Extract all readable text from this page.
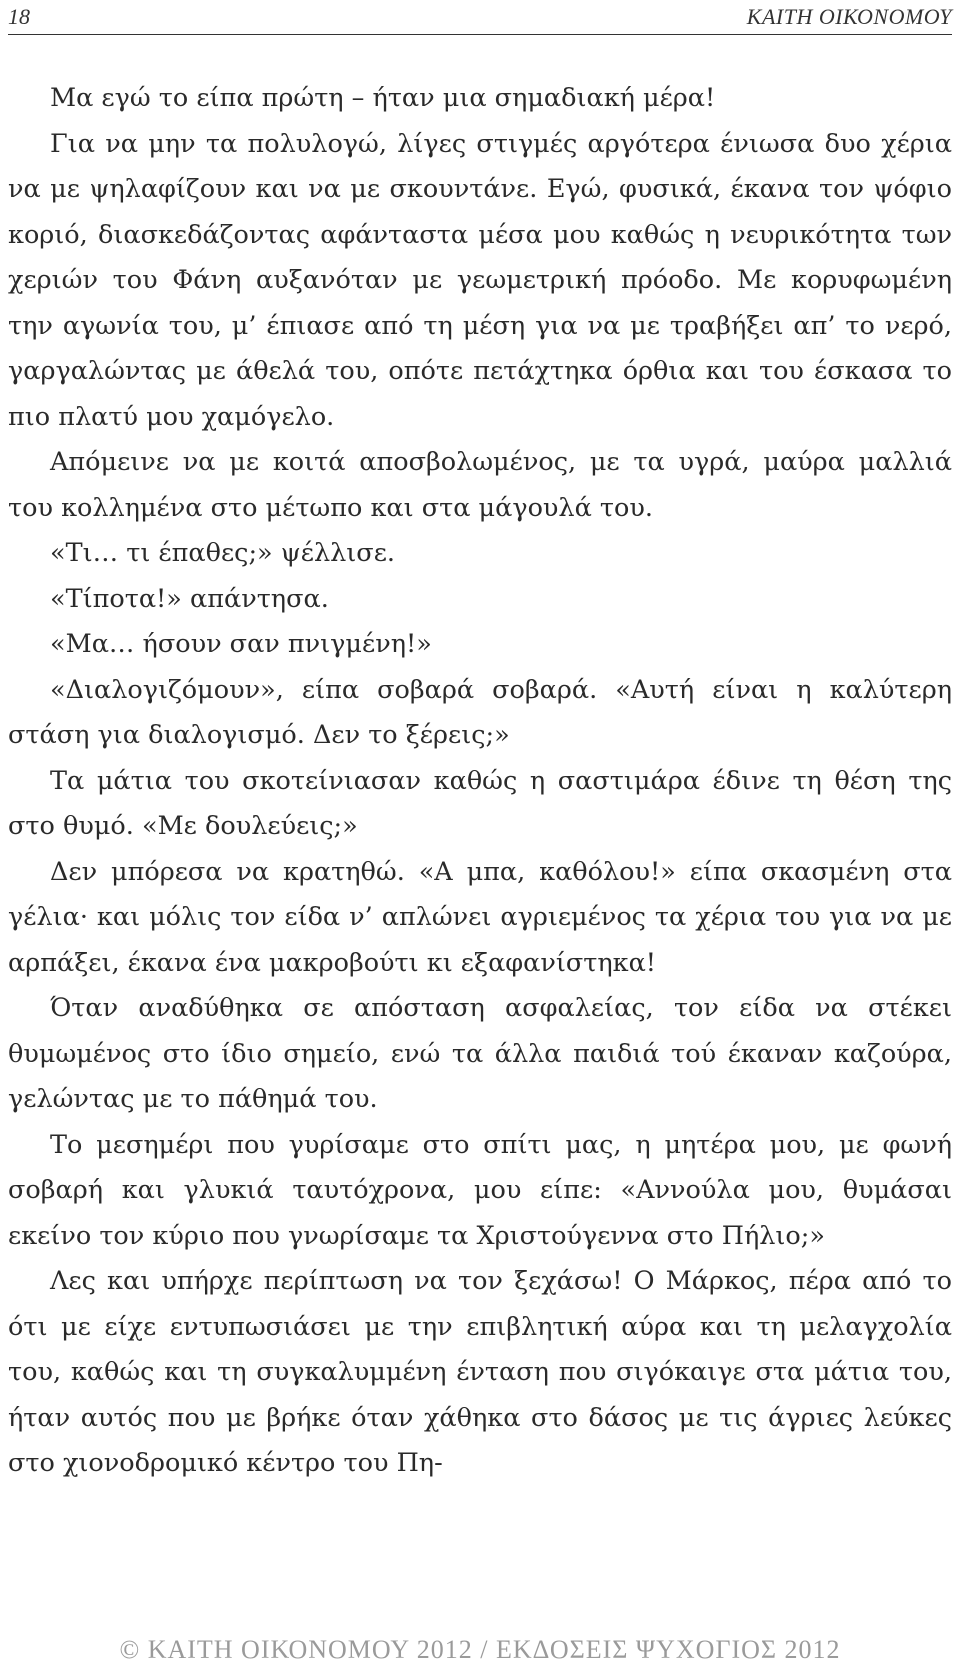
18	ΚΑΙΤΗ ΟΙΚΟΝΟΜΟΥ

Μα εγώ το είπα πρώτη – ήταν μια σημαδιακή μέρα!

Για να μην τα πολυλογώ, λίγες στιγμές αργότερα ένιωσα δυο χέρια να με ψηλαφίζουν και να με σκουντάνε. Εγώ, φυσικά, έκανα τον ψόφιο κοριό, διασκεδάζοντας αφάνταστα μέσα μου καθώς η νευρικότητα των χεριών του Φάνη αυξανόταν με γεωμετρική πρόοδο. Με κορυφωμένη την αγωνία του, μ’ έπιασε από τη μέση για να με τραβήξει απ’ το νερό, γαργαλώντας με άθελά του, οπότε πετάχτηκα όρθια και του έσκασα το πιο πλατύ μου χαμόγελο.

Απόμεινε να με κοιτά αποσβολωμένος, με τα υγρά, μαύρα μαλλιά του κολλημένα στο μέτωπο και στα μάγουλά του.

«Τι… τι έπαθες;» ψέλλισε.

«Τίποτα!» απάντησα.

«Μα… ήσουν σαν πνιγμένη!»

«Διαλογιζόμουν», είπα σοβαρά σοβαρά. «Αυτή είναι η καλύτερη στάση για διαλογισμό. Δεν το ξέρεις;»

Τα μάτια του σκοτείνιασαν καθώς η σαστιμάρα έδινε τη θέση της στο θυμό. «Με δουλεύεις;»

Δεν μπόρεσα να κρατηθώ. «Α μπα, καθόλου!» είπα σκασμένη στα γέλια· και μόλις τον είδα ν’ απλώνει αγριεμένος τα χέρια του για να με αρπάξει, έκανα ένα μακροβούτι κι εξαφανίστηκα!

Όταν αναδύθηκα σε απόσταση ασφαλείας, τον είδα να στέκει θυμωμένος στο ίδιο σημείο, ενώ τα άλλα παιδιά τού έκαναν καζούρα, γελώντας με το πάθημά του.

Το μεσημέρι που γυρίσαμε στο σπίτι μας, η μητέρα μου, με φωνή σοβαρή και γλυκιά ταυτόχρονα, μου είπε: «Αννούλα μου, θυμάσαι εκείνο τον κύριο που γνωρίσαμε τα Χριστούγεννα στο Πήλιο;»

Λες και υπήρχε περίπτωση να τον ξεχάσω! Ο Μάρκος, πέρα από το ότι με είχε εντυπωσιάσει με την επιβλητική αύρα και τη μελαγχολία του, καθώς και τη συγκαλυμμένη ένταση που σιγόκαιγε στα μάτια του, ήταν αυτός που με βρήκε όταν χάθηκα στο δάσος με τις άγριες λεύκες στο χιονοδρομικό κέντρο του Πη-

© ΚΑΙΤΗ ΟΙΚΟΝΟΜΟΥ 2012 / ΕΚΔΟΣΕΙΣ ΨΥΧΟΓΙΟΣ 2012
